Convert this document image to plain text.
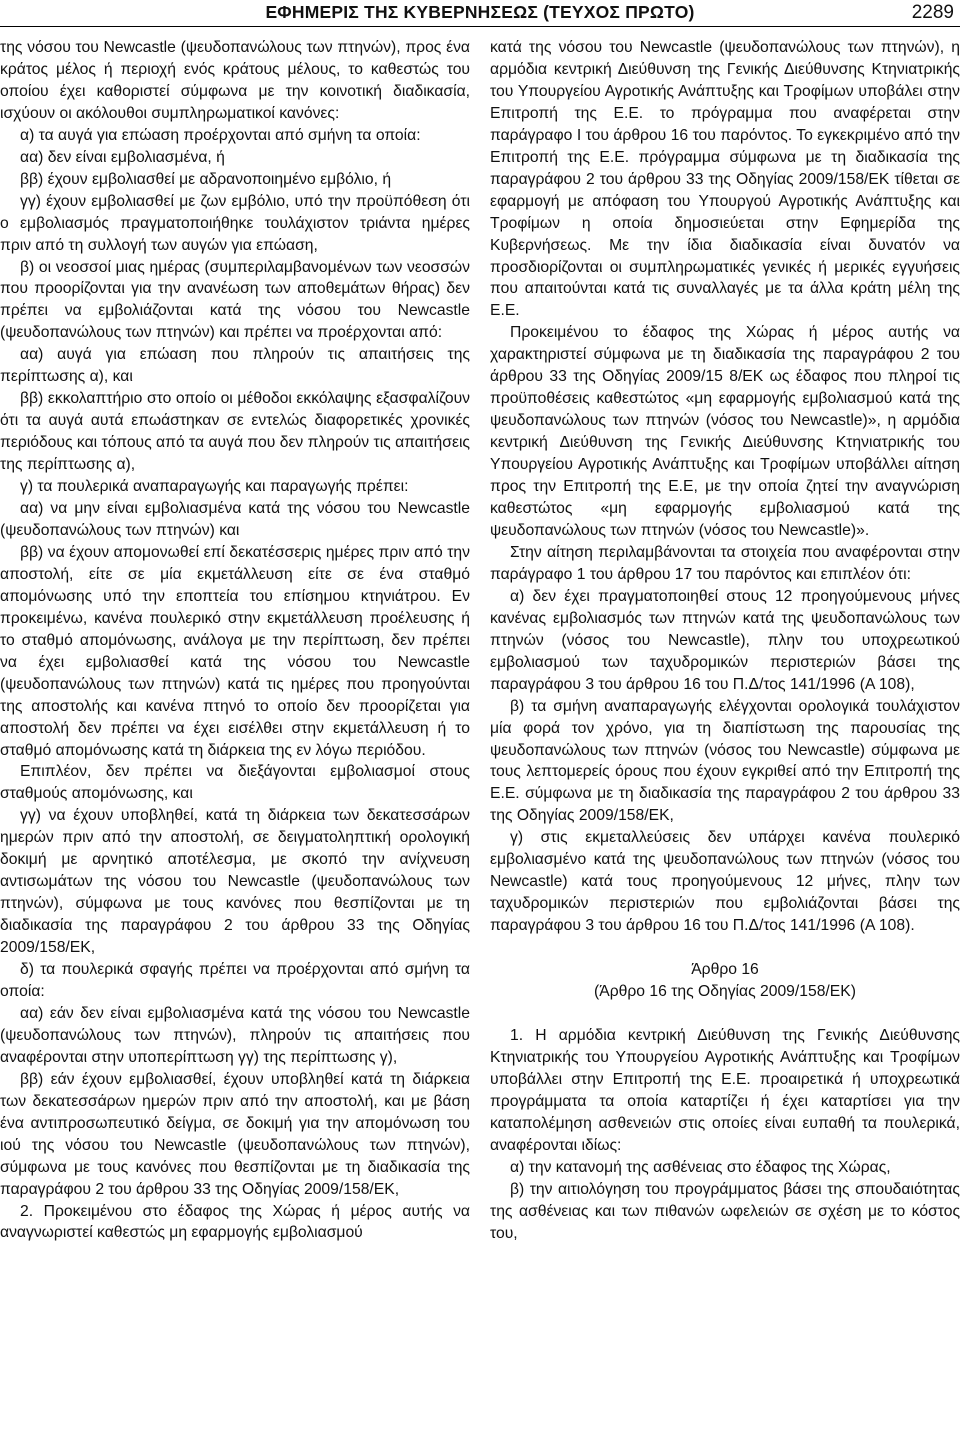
ΕΦΗΜΕΡΙΣ ΤΗΣ ΚΥΒΕΡΝΗΣΕΩΣ (ΤΕΥΧΟΣ ΠΡΩΤΟ)	2289

της νόσου του Newcastle (ψευδοπανώλους των πτηνών), προς ένα κράτος μέλος ή περιοχή ενός κράτους μέλους, το καθεστώς του οποίου έχει καθοριστεί σύμφωνα με την κοινοτική διαδικασία, ισχύουν οι ακόλουθοι συμπληρωματικοί κανόνες:

α) τα αυγά για επώαση προέρχονται από σμήνη τα οποία:

αα) δεν είναι εμβολιασμένα, ή

ββ) έχουν εμβολιασθεί με αδρανοποιημένο εμβόλιο, ή

γγ) έχουν εμβολιασθεί με ζων εμβόλιο, υπό την προϋπόθεση ότι ο εμβολιασμός πραγματοποιήθηκε τουλάχιστον τριάντα ημέρες πριν από τη συλλογή των αυγών για επώαση,

β) οι νεοσσοί μιας ημέρας (συμπεριλαμβανομένων των νεοσσών που προορίζονται για την ανανέωση των αποθεμάτων θήρας) δεν πρέπει να εμβολιάζονται κατά της νόσου του Newcastle (ψευδοπανώλους των πτηνών) και πρέπει να προέρχονται από:

αα) αυγά για επώαση που πληρούν τις απαιτήσεις της περίπτωσης α), και

ββ) εκκολαπτήριο στο οποίο οι μέθοδοι εκκόλαψης εξασφαλίζουν ότι τα αυγά αυτά επωάστηκαν σε εντελώς διαφορετικές χρονικές περιόδους και τόπους από τα αυγά που δεν πληρούν τις απαιτήσεις της περίπτωσης α),

γ) τα πουλερικά αναπαραγωγής και παραγωγής πρέπει:

αα) να μην είναι εμβολιασμένα κατά της νόσου του Newcastle (ψευδοπανώλους των πτηνών) και

ββ) να έχουν απομονωθεί επί δεκατέσσερις ημέρες πριν από την αποστολή, είτε σε μία εκμετάλλευση είτε σε ένα σταθμό απομόνωσης υπό την εποπτεία του επίσημου κτηνιάτρου. Εν προκειμένω, κανένα πουλερικό στην εκμετάλλευση προέλευσης ή το σταθμό απομόνωσης, ανάλογα με την περίπτωση, δεν πρέπει να έχει εμβολιασθεί κατά της νόσου του Newcastle (ψευδοπανώλους των πτηνών) κατά τις ημέρες που προηγούνται της αποστολής και κανένα πτηνό το οποίο δεν προορίζεται για αποστολή δεν πρέπει να έχει εισέλθει στην εκμετάλλευση ή το σταθμό απομόνωσης κατά τη διάρκεια της εν λόγω περιόδου.

Επιπλέον, δεν πρέπει να διεξάγονται εμβολιασμοί στους σταθμούς απομόνωσης, και

γγ) να έχουν υποβληθεί, κατά τη διάρκεια των δεκατεσσάρων ημερών πριν από την αποστολή, σε δειγματοληπτική ορολογική δοκιμή με αρνητικό αποτέλεσμα, με σκοπό την ανίχνευση αντισωμάτων της νόσου του Newcastle (ψευδοπανώλους των πτηνών), σύμφωνα με τους κανόνες που θεσπίζονται με τη διαδικασία της παραγράφου 2 του άρθρου 33 της Οδηγίας 2009/158/ΕΚ,

δ) τα πουλερικά σφαγής πρέπει να προέρχονται από σμήνη τα οποία:

αα) εάν δεν είναι εμβολιασμένα κατά της νόσου του Newcastle (ψευδοπανώλους των πτηνών), πληρούν τις απαιτήσεις που αναφέρονται στην υποπερίπτωση γγ) της περίπτωσης γ),

ββ) εάν έχουν εμβολιασθεί, έχουν υποβληθεί κατά τη διάρκεια των δεκατεσσάρων ημερών πριν από την αποστολή, και με βάση ένα αντιπροσωπευτικό δείγμα, σε δοκιμή για την απομόνωση του ιού της νόσου του Newcastle (ψευδοπανώλους των πτηνών), σύμφωνα με τους κανόνες που θεσπίζονται με τη διαδικασία της παραγράφου 2 του άρθρου 33 της Οδηγίας 2009/158/ΕΚ,

2. Προκειμένου στο έδαφος της Χώρας ή μέρος αυτής να αναγνωριστεί καθεστώς μη εφαρμογής εμβολιασμού

κατά της νόσου του Newcastle (ψευδοπανώλους των πτηνών), η αρμόδια κεντρική Διεύθυνση της Γενικής Διεύθυνσης Κτηνιατρικής του Υπουργείου Αγροτικής Ανάπτυξης και Τροφίμων υποβάλει στην Επιτροπή της Ε.Ε. το πρόγραμμα που αναφέρεται στην παράγραφο Ι του άρθρου 16 του παρόντος. Το εγκεκριμένο από την Επιτροπή της Ε.Ε. πρόγραμμα σύμφωνα με τη διαδικασία της παραγράφου 2 του άρθρου 33 της Οδηγίας 2009/158/ΕΚ τίθεται σε εφαρμογή με απόφαση του Υπουργού Αγροτικής Ανάπτυξης και Τροφίμων η οποία δημοσιεύεται στην Εφημερίδα της Κυβερνήσεως. Με την ίδια διαδικασία είναι δυνατόν να προσδιορίζονται οι συμπληρωματικές γενικές ή μερικές εγγυήσεις που απαιτούνται κατά τις συναλλαγές με τα άλλα κράτη μέλη της Ε.Ε.

Προκειμένου το έδαφος της Χώρας ή μέρος αυτής να χαρακτηριστεί σύμφωνα με τη διαδικασία της παραγράφου 2 του άρθρου 33 της Οδηγίας 2009/15 8/ΕΚ ως έδαφος που πληροί τις προϋποθέσεις καθεστώτος «μη εφαρμογής εμβολιασμού κατά της ψευδοπανώλους των πτηνών (νόσος του Newcastle)», η αρμόδια κεντρική Διεύθυνση της Γενικής Διεύθυνσης Κτηνιατρικής του Υπουργείου Αγροτικής Ανάπτυξης και Τροφίμων υποβάλλει αίτηση προς την Επιτροπή της Ε.Ε, με την οποία ζητεί την αναγνώριση καθεστώτος «μη εφαρμογής εμβολιασμού κατά της ψευδοπανώλους των πτηνών (νόσος του Newcastle)».

Στην αίτηση περιλαμβάνονται τα στοιχεία που αναφέρονται στην παράγραφο 1 του άρθρου 17 του παρόντος και επιπλέον ότι:

α) δεν έχει πραγματοποιηθεί στους 12 προηγούμενους μήνες κανένας εμβολιασμός των πτηνών κατά της ψευδοπανώλους των πτηνών (νόσος του Newcastle), πλην του υποχρεωτικού εμβολιασμού των ταχυδρομικών περιστεριών βάσει της παραγράφου 3 του άρθρου 16 του Π.Δ/τος 141/1996 (Α 108),

β) τα σμήνη αναπαραγωγής ελέγχονται ορολογικά τουλάχιστον μία φορά τον χρόνο, για τη διαπίστωση της παρουσίας της ψευδοπανώλους των πτηνών (νόσος του Newcastle) σύμφωνα με τους λεπτομερείς όρους που έχουν εγκριθεί από την Επιτροπή της Ε.Ε. σύμφωνα με τη διαδικασία της παραγράφου 2 του άρθρου 33 της Οδηγίας 2009/158/ΕΚ,

γ) στις εκμεταλλεύσεις δεν υπάρχει κανένα πουλερικό εμβολιασμένο κατά της ψευδοπανώλους των πτηνών (νόσος του Newcastle) κατά τους προηγούμενους 12 μήνες, πλην των ταχυδρομικών περιστεριών που εμβολιάζονται βάσει της παραγράφου 3 του άρθρου 16 του Π.Δ/τος 141/1996 (Α 108).

Άρθρο 16

(Άρθρο 16 της Οδηγίας 2009/158/ΕΚ)

1. Η αρμόδια κεντρική Διεύθυνση της Γενικής Διεύθυνσης Κτηνιατρικής του Υπουργείου Αγροτικής Ανάπτυξης και Τροφίμων υποβάλλει στην Επιτροπή της Ε.Ε. προαιρετικά ή υποχρεωτικά προγράμματα τα οποία καταρτίζει ή έχει καταρτίσει για την καταπολέμηση ασθενειών στις οποίες είναι ευπαθή τα πουλερικά, αναφέρονται ιδίως:

α) την κατανομή της ασθένειας στο έδαφος της Χώρας,

β) την αιτιολόγηση του προγράμματος βάσει της σπουδαιότητας της ασθένειας και των πιθανών ωφελειών σε σχέση με το κόστος του,
